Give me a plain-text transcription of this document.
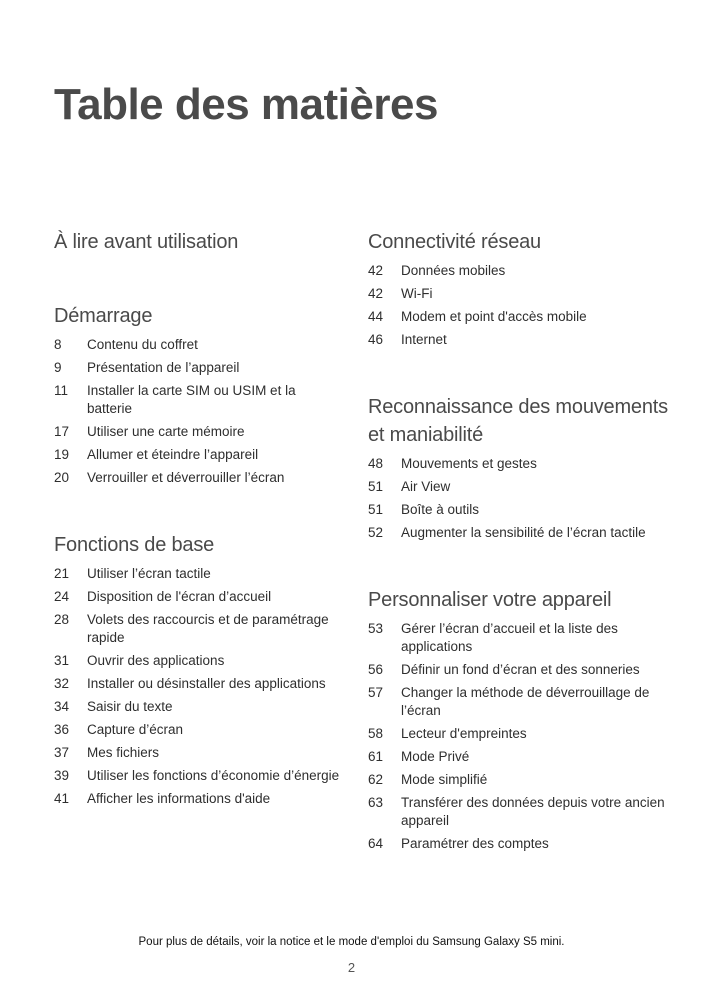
Table des matières
À lire avant utilisation
Démarrage
8	Contenu du coffret
9	Présentation de l’appareil
11	Installer la carte SIM ou USIM et la batterie
17	Utiliser une carte mémoire
19	Allumer et éteindre l’appareil
20	Verrouiller et déverrouiller l’écran
Fonctions de base
21	Utiliser l’écran tactile
24	Disposition de l'écran d’accueil
28	Volets des raccourcis et de paramétrage rapide
31	Ouvrir des applications
32	Installer ou désinstaller des applications
34	Saisir du texte
36	Capture d’écran
37	Mes fichiers
39	Utiliser les fonctions d’économie d’énergie
41	Afficher les informations d'aide
Connectivité réseau
42	Données mobiles
42	Wi-Fi
44	Modem et point d'accès mobile
46	Internet
Reconnaissance des mouvements et maniabilité
48	Mouvements et gestes
51	Air View
51	Boîte à outils
52	Augmenter la sensibilité de l’écran tactile
Personnaliser votre appareil
53	Gérer l’écran d’accueil et la liste des applications
56	Définir un fond d’écran et des sonneries
57	Changer la méthode de déverrouillage de l’écran
58	Lecteur d'empreintes
61	Mode Privé
62	Mode simplifié
63	Transférer des données depuis votre ancien appareil
64	Paramétrer des comptes
Pour plus de détails, voir la notice et le mode d'emploi du Samsung Galaxy S5 mini.
2
